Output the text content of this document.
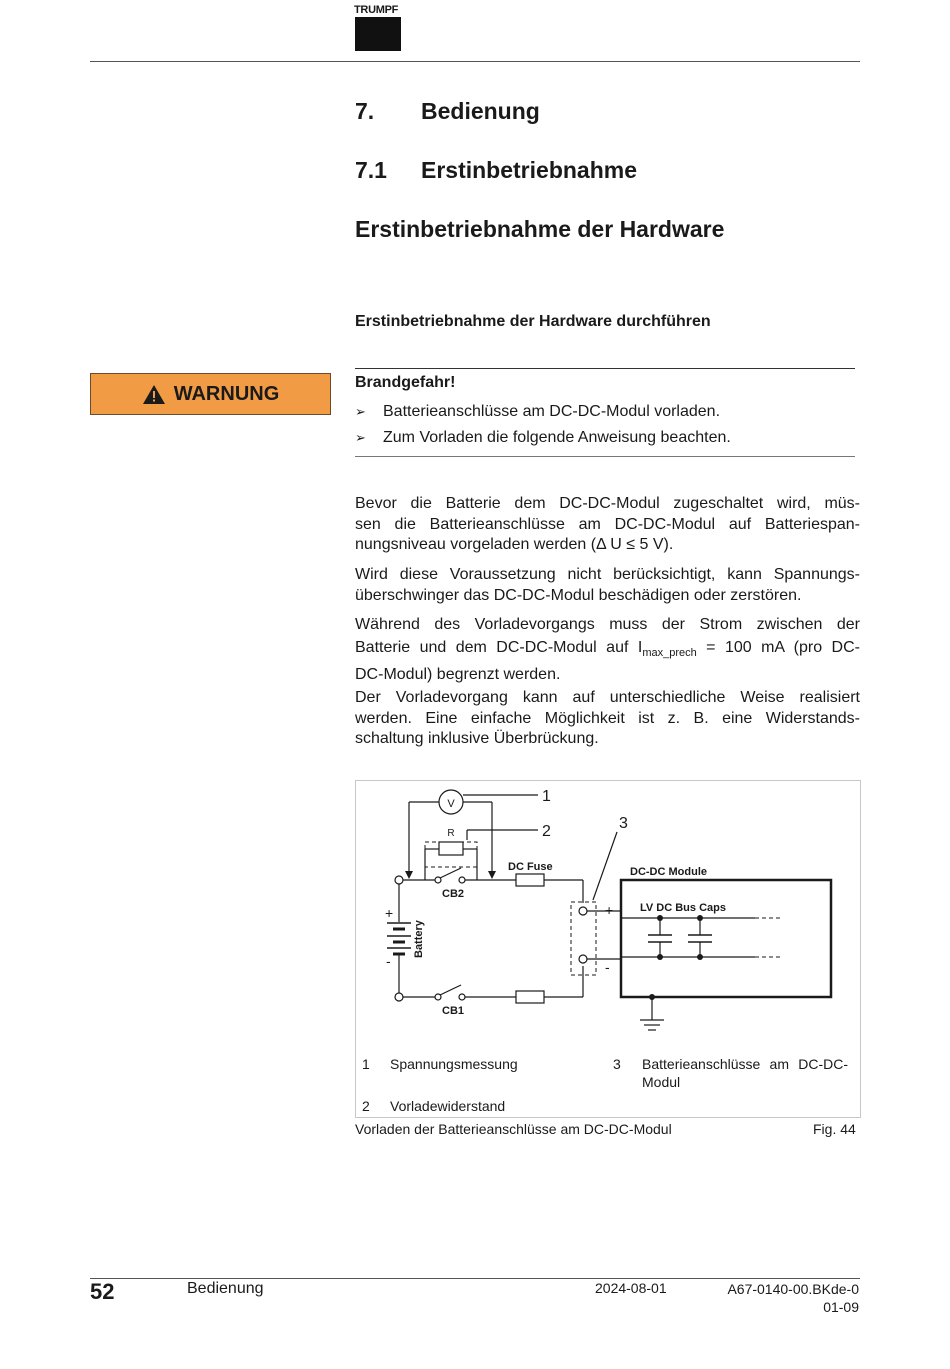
TRUMPF
7. Bedienung
7.1 Erstinbetriebnahme
Erstinbetriebnahme der Hardware
Erstinbetriebnahme der Hardware durchführen
WARNUNG	Brandgefahr!
➢ Batterieanschlüsse am DC-DC-Modul vorladen.
➢ Zum Vorladen die folgende Anweisung beachten.
Bevor die Batterie dem DC-DC-Modul zugeschaltet wird, müs-
sen die Batterieanschlüsse am DC-DC-Modul auf Batteriespan-
nungsniveau vorgeladen werden (Δ U ≤ 5 V).
Wird diese Voraussetzung nicht berücksichtigt, kann Spannungs-
überschwinger das DC-DC-Modul beschädigen oder zerstören.
Während des Vorladevorgangs muss der Strom zwischen der
Batterie und dem DC-DC-Modul auf $I_{max\_prech} = 100$ mA (pro DC-
DC-Modul) begrenzt werden.
Der Vorladevorgang kann auf unterschiedliche Weise realisiert
werden. Eine einfache Möglichkeit ist z. B. eine Widerstands-
schaltung inklusive Überbrückung.
V
R
CB2
CB1
DC Fuse	DC-DC Module
LV DC Bus Caps
Battery
+
-
+
-
1
2	3
1 Spannungsmessung
2 Vorladewiderstand
3 Batterieanschlüsse am DC-DC-
Modul
Vorladen der Batterieanschlüsse am DC-DC-Modul	Fig. 44
52	Bedienung	2024-08-01	A67-0140-00.BKde-0
01-09
